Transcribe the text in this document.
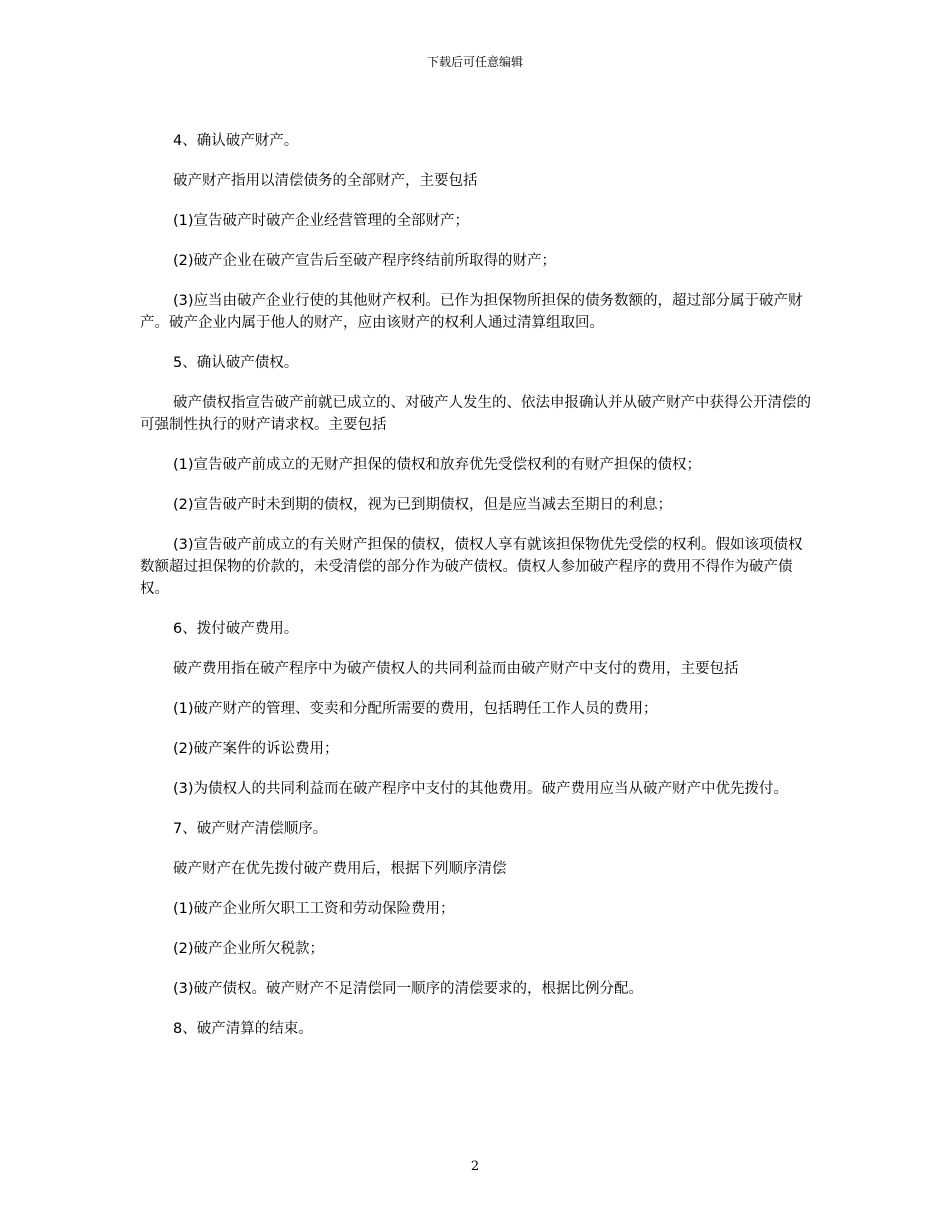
下载后可任意编辑

4、确认破产财产。

破产财产指用以清偿债务的全部财产，主要包括

(1)宣告破产时破产企业经营管理的全部财产；

(2)破产企业在破产宣告后至破产程序终结前所取得的财产；

(3)应当由破产企业行使的其他财产权利。已作为担保物所担保的债务数额的，超过部分属于破产财产。破产企业内属于他人的财产，应由该财产的权利人通过清算组取回。

5、确认破产债权。

破产债权指宣告破产前就已成立的、对破产人发生的、依法申报确认并从破产财产中获得公开清偿的可强制性执行的财产请求权。主要包括

(1)宣告破产前成立的无财产担保的债权和放弃优先受偿权利的有财产担保的债权；

(2)宣告破产时未到期的债权，视为已到期债权，但是应当减去至期日的利息；

(3)宣告破产前成立的有关财产担保的债权，债权人享有就该担保物优先受偿的权利。假如该项债权数额超过担保物的价款的，未受清偿的部分作为破产债权。债权人参加破产程序的费用不得作为破产债权。

6、拨付破产费用。

破产费用指在破产程序中为破产债权人的共同利益而由破产财产中支付的费用，主要包括

(1)破产财产的管理、变卖和分配所需要的费用，包括聘任工作人员的费用；

(2)破产案件的诉讼费用；

(3)为债权人的共同利益而在破产程序中支付的其他费用。破产费用应当从破产财产中优先拨付。

7、破产财产清偿顺序。

破产财产在优先拨付破产费用后，根据下列顺序清偿

(1)破产企业所欠职工工资和劳动保险费用；

(2)破产企业所欠税款；

(3)破产债权。破产财产不足清偿同一顺序的清偿要求的，根据比例分配。

8、破产清算的结束。

2
